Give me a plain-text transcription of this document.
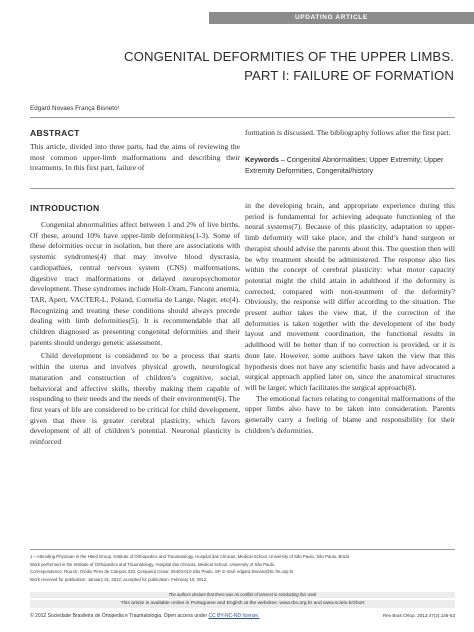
UPDATING ARTICLE
CONGENITAL DEFORMITIES OF THE UPPER LIMBS.
PART I: FAILURE OF FORMATION
Edgard Novaes França Bisneto¹
ABSTRACT

This article, divided into three parts, had the aims of reviewing the most common upper-limb malformations and describing their treatments. In this first part, failure of

formation is discussed. The bibliography follows after the first part.

Keywords – Congenital Abnormalities; Upper Extremity; Upper Extremity Deformities, Congenital/history
INTRODUCTION

Congenital abnormalities affect between 1 and 2% of live births. Of these, around 10% have upper-limb deformities(1-3). Some of these deformities occur in isolation, but there are associations with systemic syndromes(4) that may involve blood dyscrasia, cardiopathies, central nervous system (CNS) malformations, digestive tract malformations or delayed neuropsychomotor development. These syndromes include Holt-Oram, Fanconi anemia, TAR, Apert, VACTER-L, Poland, Cornelia de Lange, Nager, etc(4). Recognizing and treating these conditions should always precede dealing with limb deformities(5). It is recommendable that all children diagnosed as presenting congenital deformities and their parents should undergo genetic assessment.

Child development is considered to be a process that starts within the uterus and involves physical growth, neurological maturation and construction of children’s cognitive, social, behavioral and affective skills, thereby making them capable of responding to their needs and the needs of their environment(6). The first years of life are considered to be critical for child development, given that there is greater cerebral plasticity, which favors development of all of children’s potential. Neuronal plasticity is reinforced

in the developing brain, and appropriate experience during this period is fundamental for achieving adequate functioning of the neural systems(7). Because of this plasticity, adaptation to upper-limb deformity will take place, and the child’s hand surgeon or therapist should advise the parents about this. The question then will be why treatment should be administered. The response also lies within the concept of cerebral plasticity: what motor capacity potential might the child attain in adulthood if the deformity is corrected, compared with non-treatment of the deformity? Obviously, the response will differ according to the situation. The present author takes the view that, if the correction of the deformities is taken together with the development of the body layout and movement coordination, the functional results in adulthood will be better than if no correction is provided, or it is done late. However, some authors have taken the view that this hypothesis does not have any scientific basis and have advocated a surgical approach applied later on, since the anatomical structures will be larger, which facilitates the surgical approach(8).

The emotional factors relating to congenital malformations of the upper limbs also have to be taken into consideration. Parents generally carry a feeling of blame and responsibility for their children’s deformities.

1 – Attending Physician in the Hand Group, Institute of Orthopedics and Traumatology, Hospital das Clínicas, Medical School, University of São Paulo, São Paulo, Brazil.
Work performed in the Institute of Orthopedics and Traumatology, Hospital das Clínicas, Medical School, University of São Paulo.
Correspondence: Rua Dr. Ovídio Pires de Campos 333, Cerqueira César, 05403-010 São Paulo, SP. E-mail: edgard.bisneto@hc.fm.usp.br
Work received for publication: January 31, 2012; accepted for publication: February 10, 2012.
The authors declare that there was no conflict of interest in conducting this work
This article is available online in Portuguese and English at the websites: www.rbo.org.br and www.scielo.br/rbort
© 2012 Sociedade Brasileira de Ortopedia e Traumatologia. Open access under CC BY-NC-ND license.	Rev Bras Ortop. 2012;47(2):146-53
